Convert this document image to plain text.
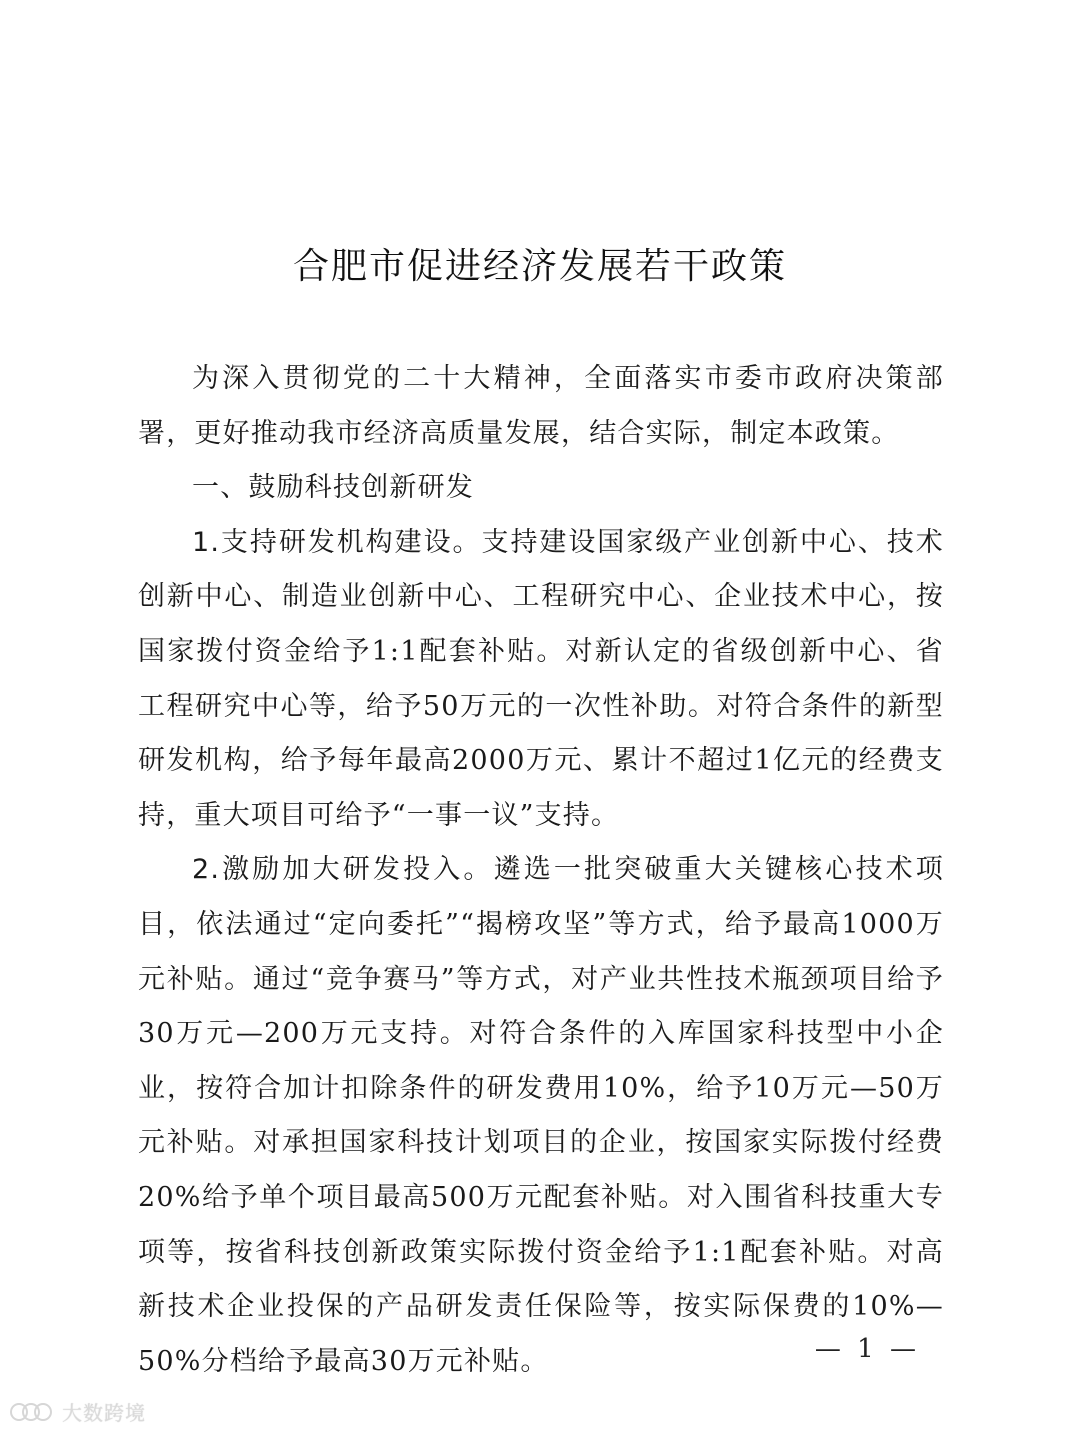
合肥市促进经济发展若干政策

为深入贯彻党的二十大精神，全面落实市委市政府决策部署，更好推动我市经济高质量发展，结合实际，制定本政策。

一、鼓励科技创新研发

1.支持研发机构建设。支持建设国家级产业创新中心、技术创新中心、制造业创新中心、工程研究中心、企业技术中心，按国家拨付资金给予1:1配套补贴。对新认定的省级创新中心、省工程研究中心等，给予50万元的一次性补助。对符合条件的新型研发机构，给予每年最高2000万元、累计不超过1亿元的经费支持，重大项目可给予“一事一议”支持。

2.激励加大研发投入。遴选一批突破重大关键核心技术项目，依法通过“定向委托”“揭榜攻坚”等方式，给予最高1000万元补贴。通过“竞争赛马”等方式，对产业共性技术瓶颈项目给予30万元—200万元支持。对符合条件的入库国家科技型中小企业，按符合加计扣除条件的研发费用10%，给予10万元—50万元补贴。对承担国家科技计划项目的企业，按国家实际拨付经费20%给予单个项目最高500万元配套补贴。对入围省科技重大专项等，按省科技创新政策实际拨付资金给予1:1配套补贴。对高新技术企业投保的产品研发责任保险等，按实际保费的10%—50%分档给予最高30万元补贴。	— 1 —
大数跨境
